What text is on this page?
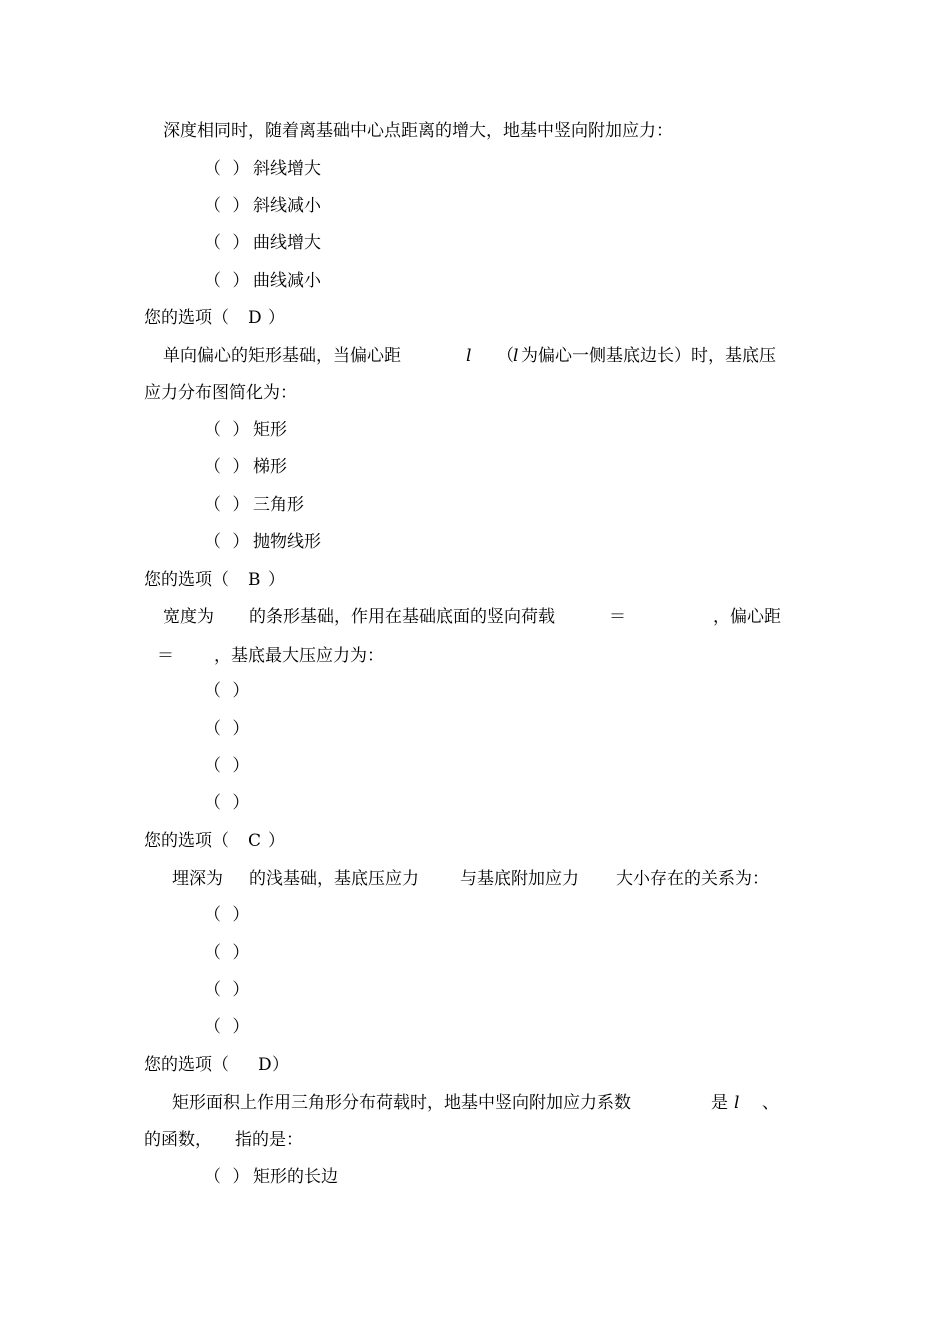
深度相同时，随着离基础中心点距离的增大，地基中竖向附加应力：
（ ） 斜线增大
（ ） 斜线减小
（ ） 曲线增大
（ ） 曲线减小
您的选项（ D ）
单向偏心的矩形基础，当偏心距	l （ l 为偏心一侧基底边长）时，基底压
应力分布图简化为：
（ ） 矩形
（ ） 梯形
（ ） 三角形
（ ） 抛物线形
您的选项（ B ）
宽度为 的条形基础，作用在基础底面的竖向荷载	＝	，偏心距
＝ ，基底最大压应力为：
（ ）
（ ）
（ ）
（ ）
您的选项（ C ）
埋深为 的浅基础，基底压应力 与基底附加应力 大小存在的关系为：
（ ）
（ ）
（ ）
（ ）
您的选项（ D ）
矩形面积上作用三角形分布荷载时，地基中竖向附加应力系数	是 l 、
的函数， 指的是：
（ ） 矩形的长边
